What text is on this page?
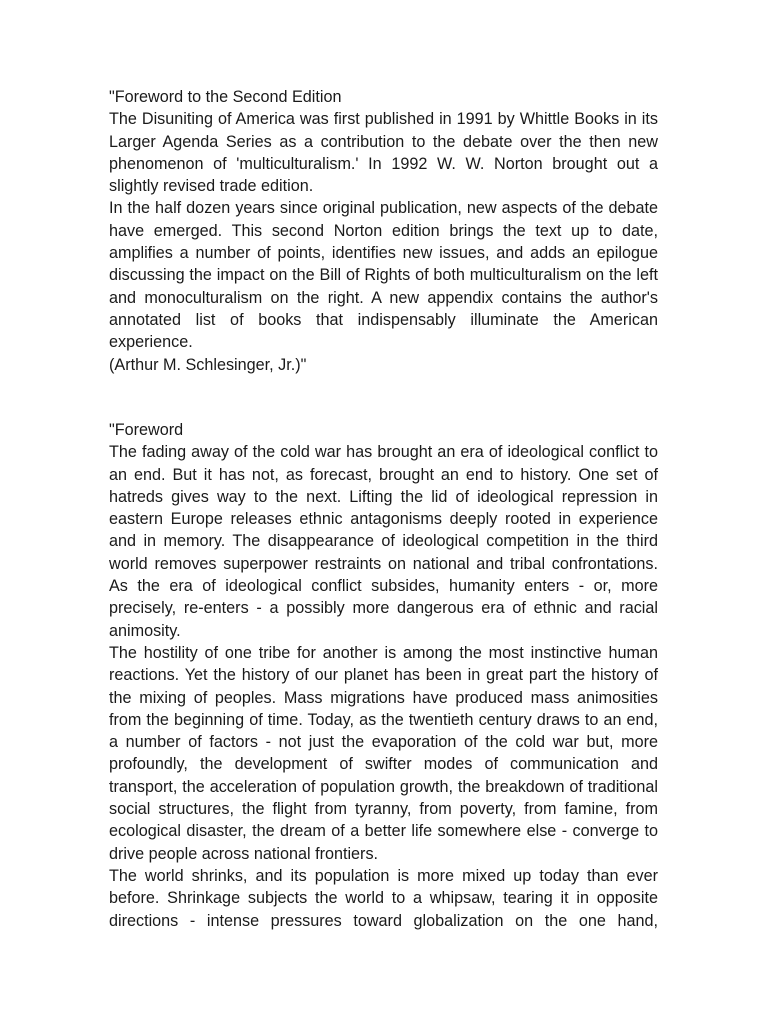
"Foreword to the Second Edition

The Disuniting of America was first published in 1991 by Whittle Books in its Larger Agenda Series as a contribution to the debate over the then new phenomenon of 'multiculturalism.' In 1992 W. W. Norton brought out a slightly revised trade edition.

In the half dozen years since original publication, new aspects of the debate have emerged. This second Norton edition brings the text up to date, amplifies a number of points, identifies new issues, and adds an epilogue discussing the impact on the Bill of Rights of both multiculturalism on the left and monoculturalism on the right. A new appendix contains the author's annotated list of books that indispensably illuminate the American experience.

(Arthur M. Schlesinger, Jr.)"

"Foreword

The fading away of the cold war has brought an era of ideological conflict to an end. But it has not, as forecast, brought an end to history. One set of hatreds gives way to the next. Lifting the lid of ideological repression in eastern Europe releases ethnic antagonisms deeply rooted in experience and in memory. The disappearance of ideological competition in the third world removes superpower restraints on national and tribal confrontations. As the era of ideological conflict subsides, humanity enters - or, more precisely, re-enters - a possibly more dangerous era of ethnic and racial animosity.

The hostility of one tribe for another is among the most instinctive human reactions. Yet the history of our planet has been in great part the history of the mixing of peoples. Mass migrations have produced mass animosities from the beginning of time. Today, as the twentieth century draws to an end, a number of factors - not just the evaporation of the cold war but, more profoundly, the development of swifter modes of communication and transport, the acceleration of population growth, the breakdown of traditional social structures, the flight from tyranny, from poverty, from famine, from ecological disaster, the dream of a better life somewhere else - converge to drive people across national frontiers.

The world shrinks, and its population is more mixed up today than ever before. Shrinkage subjects the world to a whipsaw, tearing it in opposite directions - intense pressures toward globalization on the one hand,
